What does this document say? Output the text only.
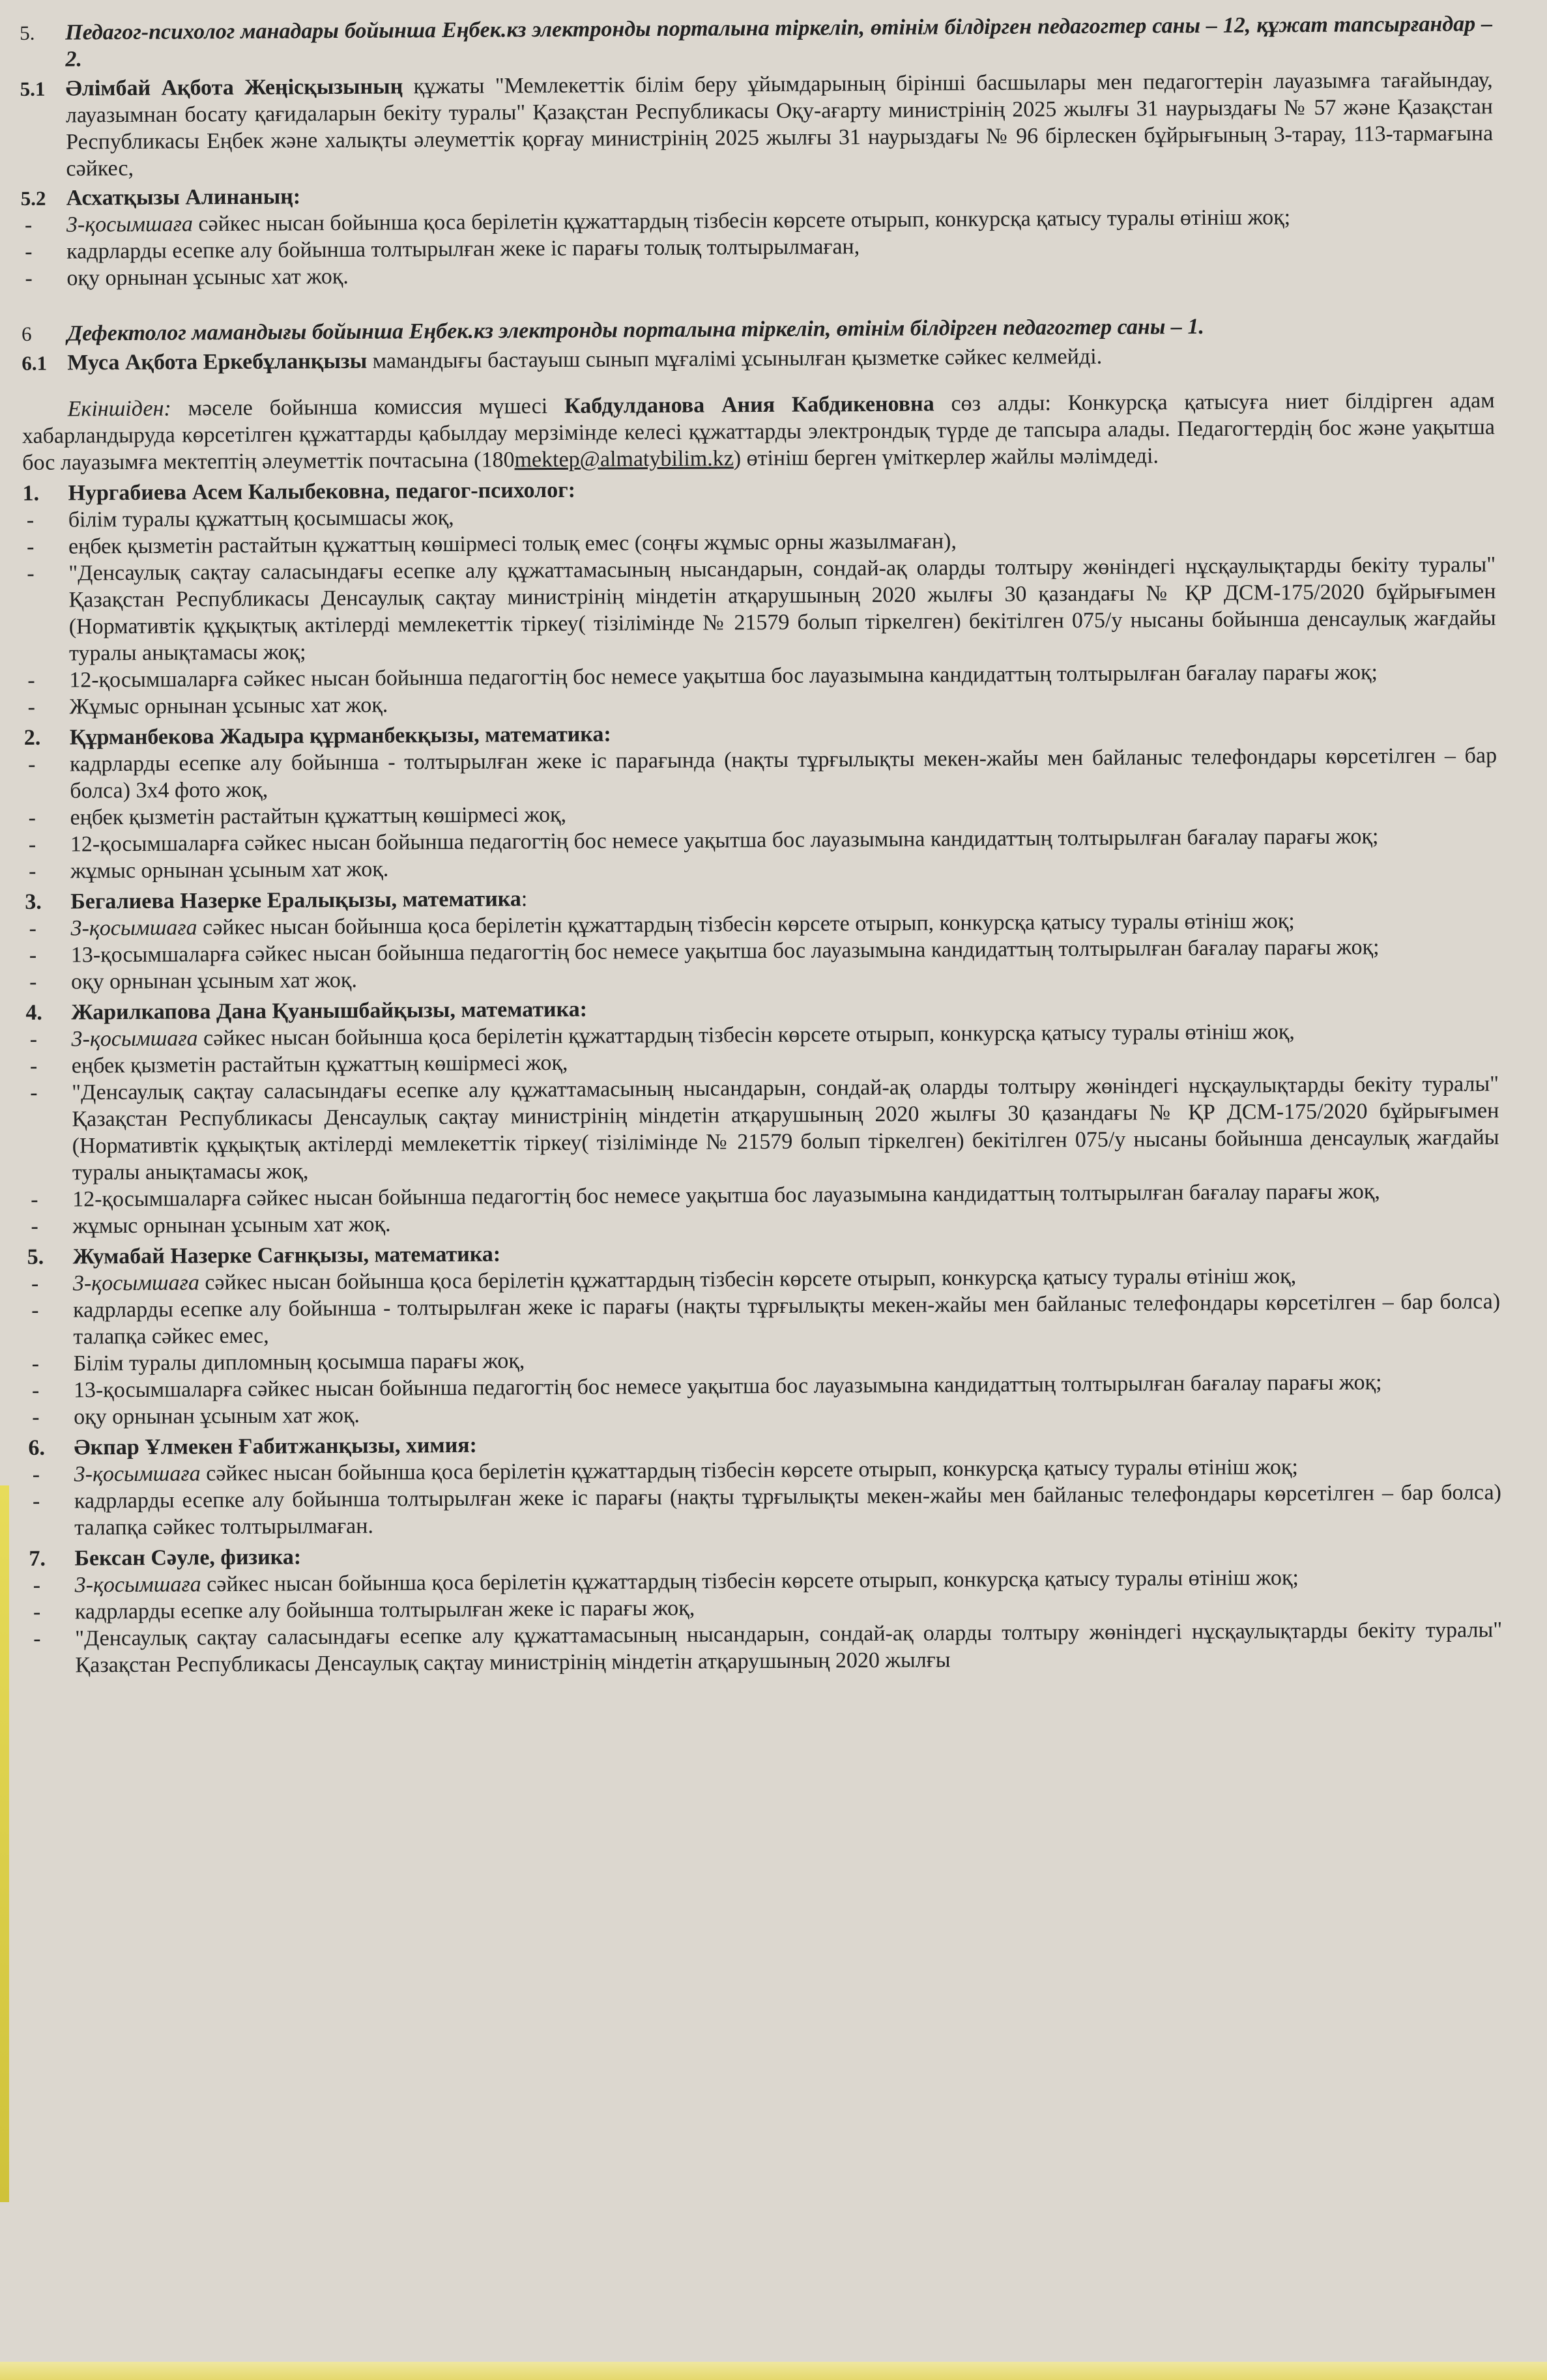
5.	Педагог-психолог манадары бойынша Еңбек.кз электронды порталына тіркеліп, өтінім білдірген педагогтер саны – 12, құжат тапсырғандар – 2.
5.1 Әлімбай Ақбота Жеңісқызының құжаты "Мемлекеттік білім беру ұйымдарының бірінші басшылары мен педагогтерін лауазымға тағайындау, лауазымнан босату қағидаларын бекіту туралы" Қазақстан Республикасы Оқу-ағарту министрінің 2025 жылғы 31 наурыздағы № 57 және Қазақстан Республикасы Еңбек және халықты әлеуметтік қорғау министрінің 2025 жылғы 31 наурыздағы № 96 бірлескен бұйрығының 3-тарау, 113-тармағына сәйкес,
5.2 Асхатқызы Алинаның:
-	3-қосымшаға сәйкес нысан бойынша қоса берілетін құжаттардың тізбесін көрсете отырып, конкурсқа қатысу туралы өтініш жоқ;
-	кадрларды есепке алу бойынша толтырылған жеке іс парағы толық толтырылмаған,
-	оқу орнынан ұсыныс хат жоқ.
6	Дефектолог мамандығы бойынша Еңбек.кз электронды порталына тіркеліп, өтінім білдірген педагогтер саны – 1.
6.1 Муса Ақбота Еркебұланқызы мамандығы бастауыш сынып мұғалімі ұсынылған қызметке сәйкес келмейді.

Екіншіден: мәселе бойынша комиссия мүшесі Кабдулданова Ания Кабдикеновна сөз алды: Конкурсқа қатысуға ниет білдірген адам хабарландыруда көрсетілген құжаттарды қабылдау мерзімінде келесі құжаттарды электрондық түрде де тапсыра алады. Педагогтердің бос және уақытша бос лауазымға мектептің әлеуметтік почтасына (180mektep@almatybilim.kz) өтініш берген үміткерлер жайлы мәлімдеді.

1.	Нургабиева Асем Калыбековна, педагог-психолог:
-	білім туралы құжаттың қосымшасы жоқ,
-	еңбек қызметін растайтын құжаттың көшірмесі толық емес (соңғы жұмыс орны жазылмаған),
-	"Денсаулық сақтау саласындағы есепке алу құжаттамасының нысандарын, сондай-ақ оларды толтыру жөніндегі нұсқаулықтарды бекіту туралы" Қазақстан Республикасы Денсаулық сақтау министрінің міндетін атқарушының 2020 жылғы 30 қазандағы № ҚР ДСМ-175/2020 бұйрығымен (Нормативтік құқықтық актілерді мемлекеттік тіркеу( тізілімінде № 21579 болып тіркелген) бекітілген 075/у нысаны бойынша денсаулық жағдайы туралы анықтамасы жоқ;
-	12-қосымшаларға сәйкес нысан бойынша педагогтің бос немесе уақытша бос лауазымына кандидаттың толтырылған бағалау парағы жоқ;
-	Жұмыс орнынан ұсыныс хат жоқ.
2.	Құрманбекова Жадыра құрманбекқызы, математика:
-	кадрларды есепке алу бойынша - толтырылған жеке іс парағында (нақты тұрғылықты мекен-жайы мен байланыс телефондары көрсетілген – бар болса) 3х4 фото жоқ,
-	еңбек қызметін растайтын құжаттың көшірмесі жоқ,
-	12-қосымшаларға сәйкес нысан бойынша педагогтің бос немесе уақытша бос лауазымына кандидаттың толтырылған бағалау парағы жоқ;
-	жұмыс орнынан ұсыным хат жоқ.
3.	Бегалиева Назерке Ералықызы, математика :
-	3-қосымшаға сәйкес нысан бойынша қоса берілетін құжаттардың тізбесін көрсете отырып, конкурсқа қатысу туралы өтініш жоқ;
-	13-қосымшаларға сәйкес нысан бойынша педагогтің бос немесе уақытша бос лауазымына кандидаттың толтырылған бағалау парағы жоқ;
-	оқу орнынан ұсыным хат жоқ.
4.	Жарилкапова Дана Қуанышбайқызы, математика:
-	3-қосымшаға сәйкес нысан бойынша қоса берілетін құжаттардың тізбесін көрсете отырып, конкурсқа қатысу туралы өтініш жоқ,
-	еңбек қызметін растайтын құжаттың көшірмесі жоқ,
-	"Денсаулық сақтау саласындағы есепке алу құжаттамасының нысандарын, сондай-ақ оларды толтыру жөніндегі нұсқаулықтарды бекіту туралы" Қазақстан Республикасы Денсаулық сақтау министрінің міндетін атқарушының 2020 жылғы 30 қазандағы № ҚР ДСМ-175/2020 бұйрығымен (Нормативтік құқықтық актілерді мемлекеттік тіркеу( тізілімінде № 21579 болып тіркелген) бекітілген 075/у нысаны бойынша денсаулық жағдайы туралы анықтамасы жоқ,
-	12-қосымшаларға сәйкес нысан бойынша педагогтің бос немесе уақытша бос лауазымына кандидаттың толтырылған бағалау парағы жоқ,
-	жұмыс орнынан ұсыным хат жоқ.
5.	Жумабай Назерке Сағнқызы, математика:
-	3-қосымшаға сәйкес нысан бойынша қоса берілетін құжаттардың тізбесін көрсете отырып, конкурсқа қатысу туралы өтініш жоқ,
-	кадрларды есепке алу бойынша - толтырылған жеке іс парағы (нақты тұрғылықты мекен-жайы мен байланыс телефондары көрсетілген – бар болса) талапқа сәйкес емес,
-	Білім туралы дипломның қосымша парағы жоқ,
-	13-қосымшаларға сәйкес нысан бойынша педагогтің бос немесе уақытша бос лауазымына кандидаттың толтырылған бағалау парағы жоқ;
-	оқу орнынан ұсыным хат жоқ.
6.	Әкпар Ұлмекен Ғабитжанқызы, химия:
-	3-қосымшаға сәйкес нысан бойынша қоса берілетін құжаттардың тізбесін көрсете отырып, конкурсқа қатысу туралы өтініш жоқ;
-	кадрларды есепке алу бойынша толтырылған жеке іс парағы (нақты тұрғылықты мекен-жайы мен байланыс телефондары көрсетілген – бар болса) талапқа сәйкес толтырылмаған.
7.	Бексан Сәуле, физика:
-	3-қосымшаға сәйкес нысан бойынша қоса берілетін құжаттардың тізбесін көрсете отырып, конкурсқа қатысу туралы өтініш жоқ;
-	кадрларды есепке алу бойынша толтырылған жеке іс парағы жоқ,
-	"Денсаулық сақтау саласындағы есепке алу құжаттамасының нысандарын, сондай-ақ оларды толтыру жөніндегі нұсқаулықтарды бекіту туралы" Қазақстан Республикасы Денсаулық сақтау министрінің міндетін атқарушының 2020 жылғы
